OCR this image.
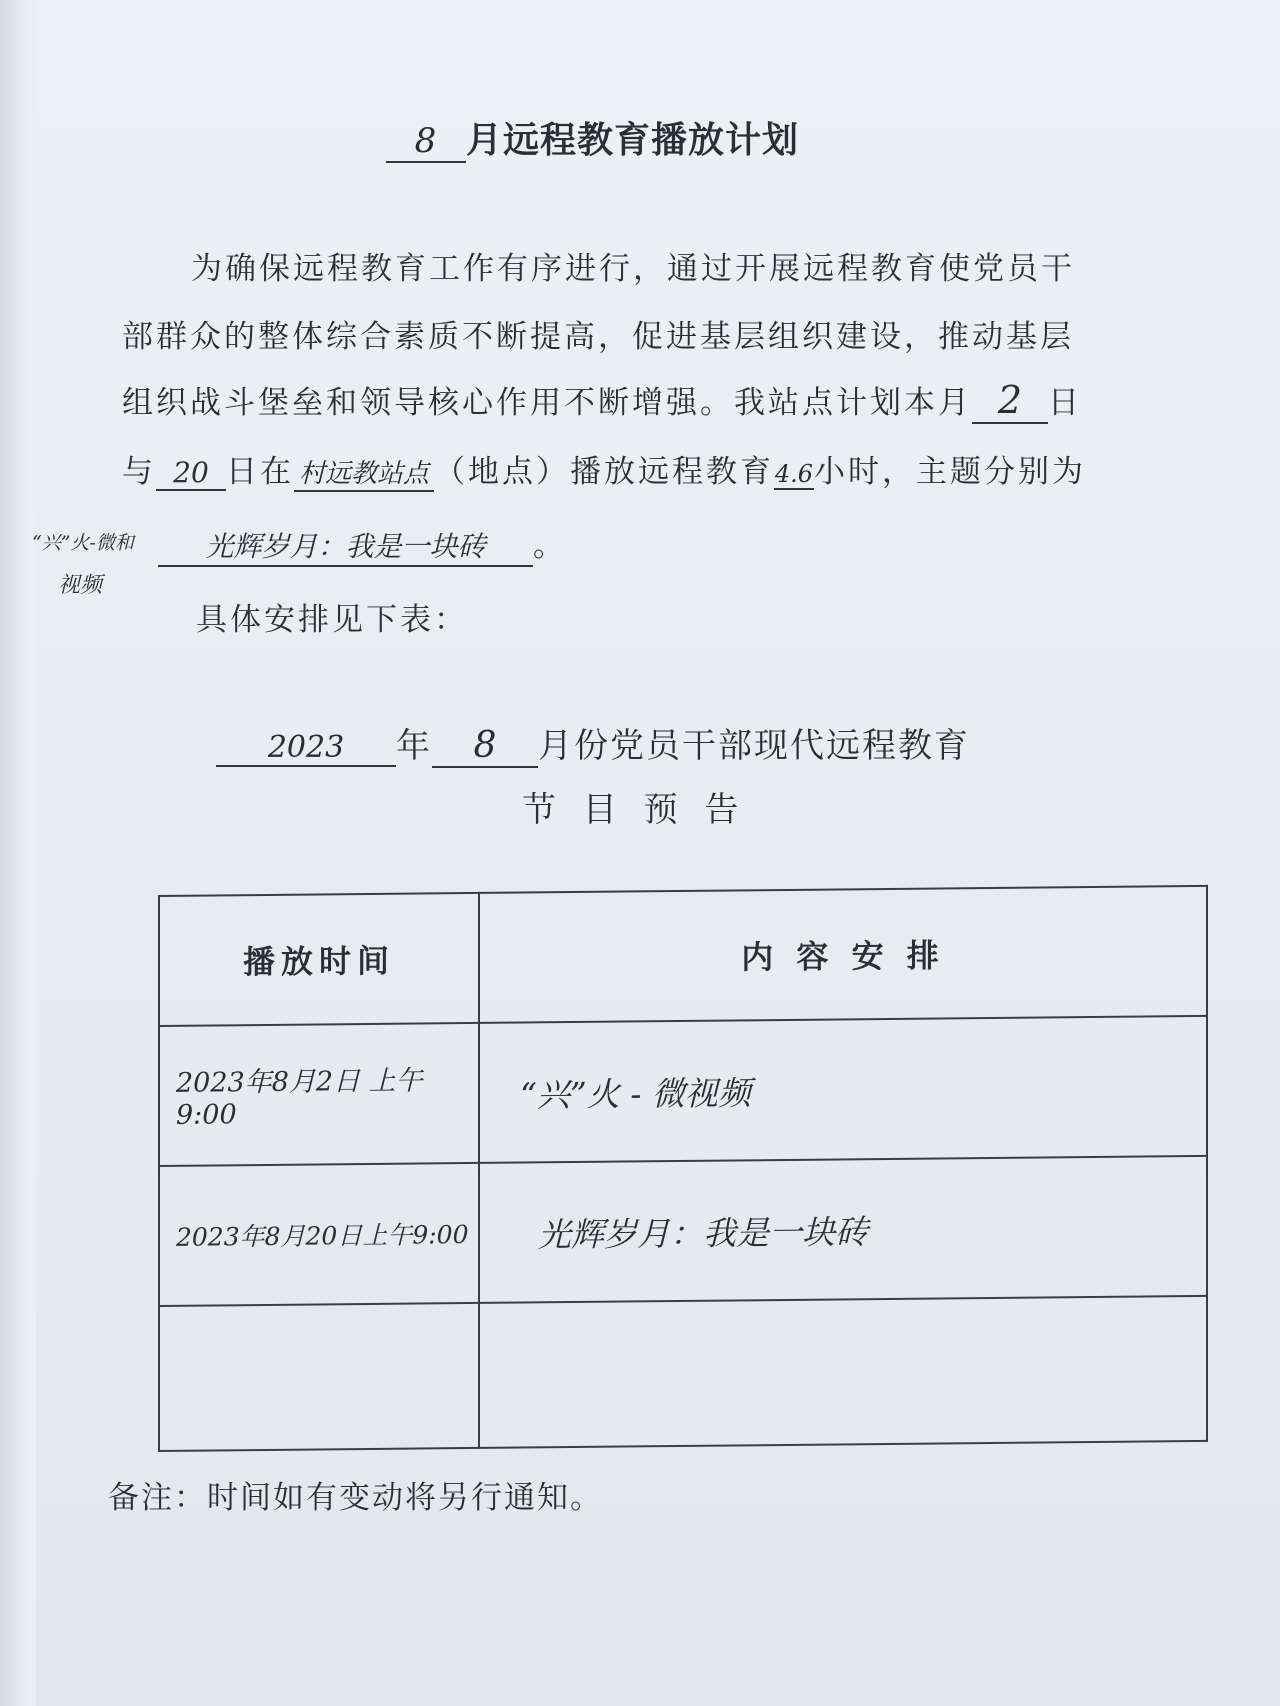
8 月远程教育播放计划
为确保远程教育工作有序进行，通过开展远程教育使党员干
部群众的整体综合素质不断提高，促进基层组织建设，推动基层
组织战斗堡垒和领导核心作用不断增强。我站点计划本月 2 日
与 20 日在 村远教站点 （地点）播放远程教育4.6小时，主题分别为
“兴”火-微和
视频
光辉岁月：我是一块砖 。
具体安排见下表：
2023 年 8 月份党员干部现代远程教育
节 目 预 告
播放时间	内 容 安 排
2023年8月2日 上午9:00	“兴”火 - 微视频
2023年8月20日上午9:00	光辉岁月：我是一块砖

备注：时间如有变动将另行通知。
